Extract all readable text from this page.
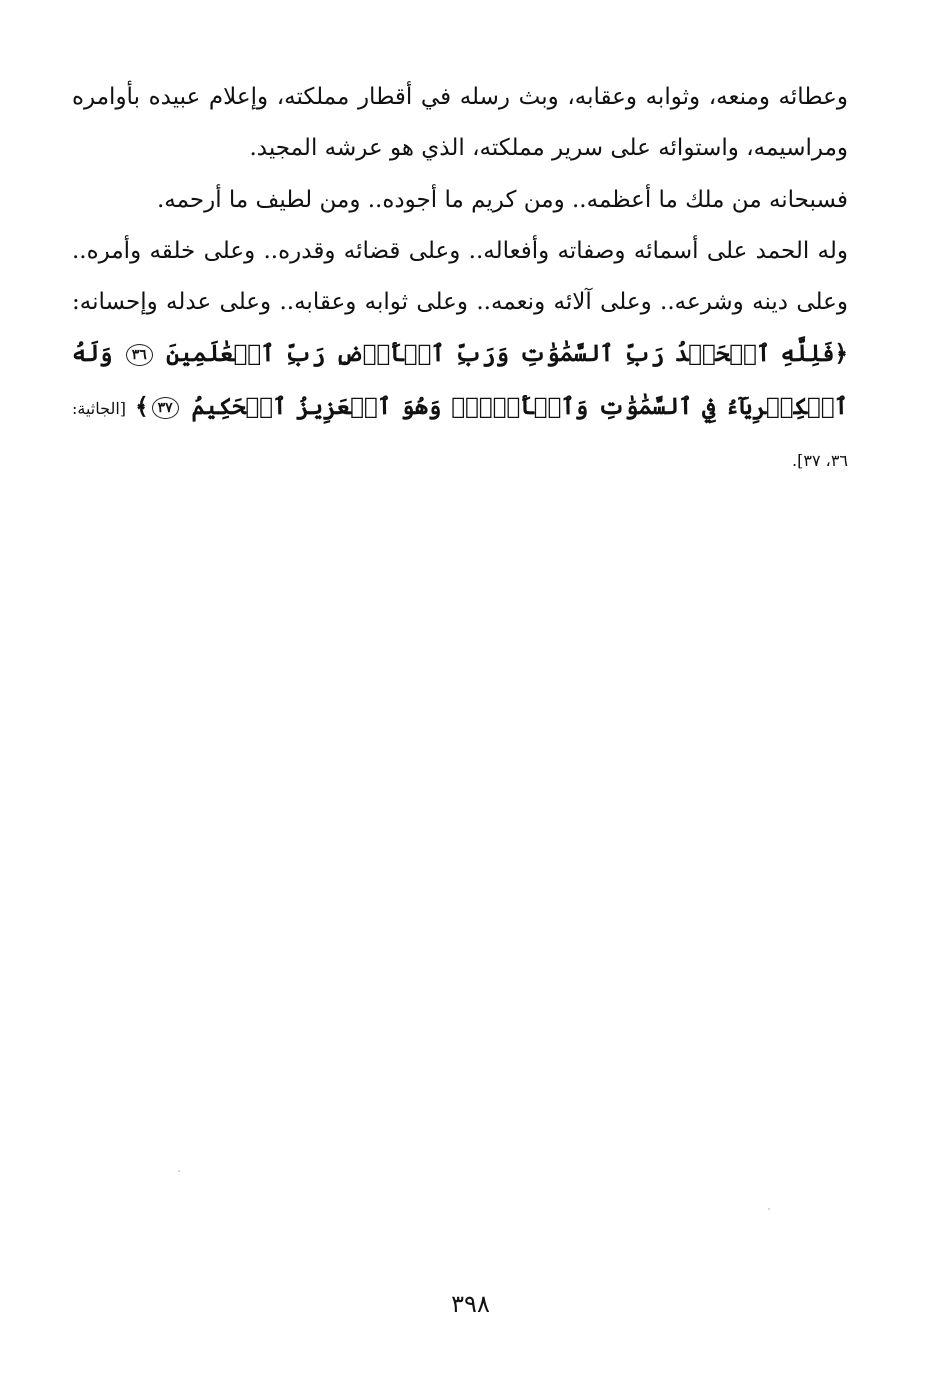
وعطائه ومنعه، وثوابه وعقابه، وبث رسله في أقطار مملكته، وإعلام عبيده بأوامره ومراسيمه، واستوائه على سرير مملكته، الذي هو عرشه المجيد.

فسبحانه من ملك ما أعظمه.. ومن كريم ما أجوده.. ومن لطيف ما أرحمه.

وله الحمد على أسمائه وصفاته وأفعاله.. وعلى قضائه وقدره.. وعلى خلقه وأمره.. وعلى دينه وشرعه.. وعلى آلائه ونعمه.. وعلى ثوابه وعقابه.. وعلى عدله وإحسانه: ﴿فَلِلَّهِ ٱلۡحَمۡدُ رَبِّ ٱلسَّمَٰوَٰتِ وَرَبِّ ٱلۡأَرۡضِ رَبِّ ٱلۡعَٰلَمِينَ ٣٦ وَلَهُ ٱلۡكِبۡرِيَآءُ فِي ٱلسَّمَٰوَٰتِ وَٱلۡأَرۡضِۖ وَهُوَ ٱلۡعَزِيزُ ٱلۡحَكِيمُ ٣٧﴾ [الجاثية: ٣٦، ٣٧].

٣٩٨
